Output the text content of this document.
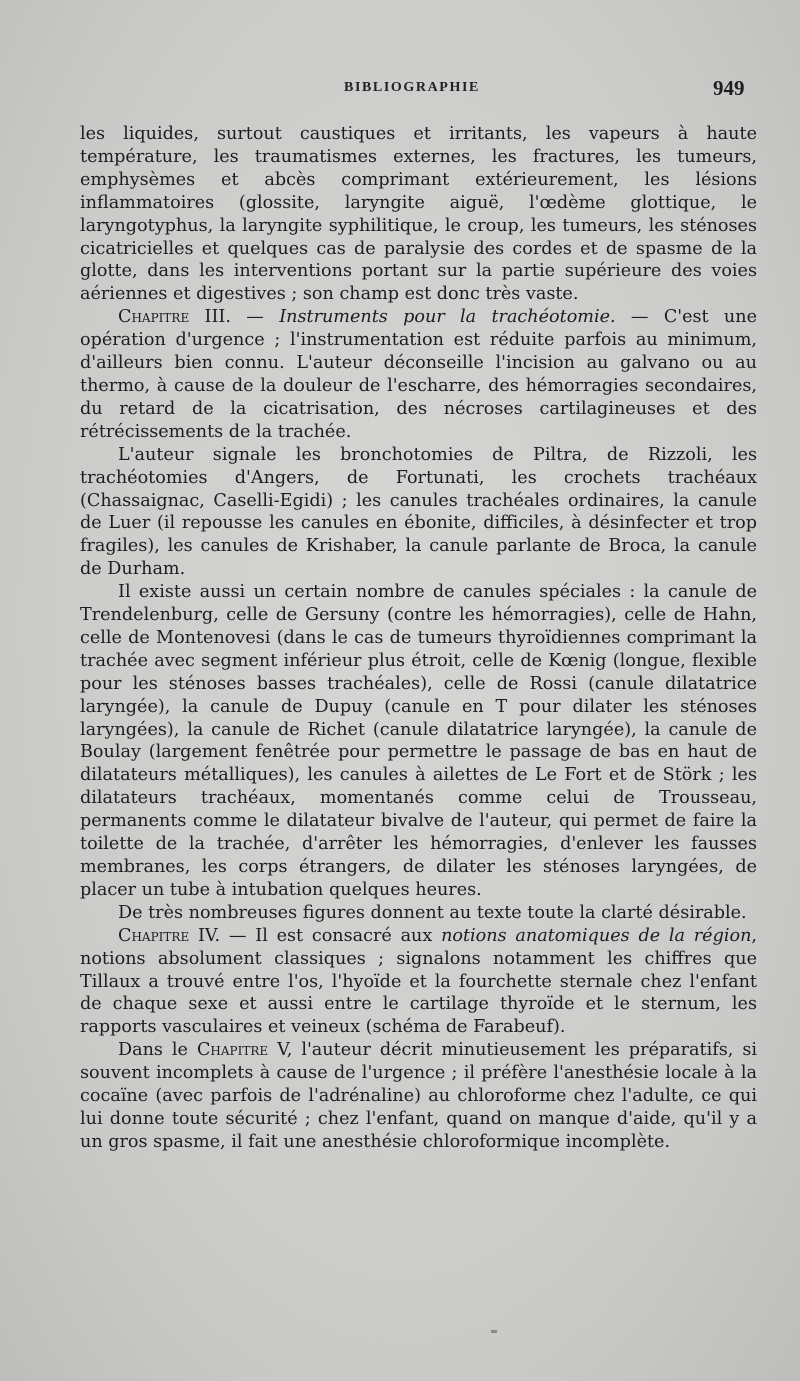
BIBLIOGRAPHIE	949

les liquides, surtout caustiques et irritants, les vapeurs à haute température, les traumatismes externes, les fractures, les tumeurs, emphysèmes et abcès comprimant extérieurement, les lésions inflammatoires (glossite, laryngite aiguë, l'œdème glottique, le laryngotyphus, la laryngite syphilitique, le croup, les tumeurs, les sténoses cicatricielles et quelques cas de paralysie des cordes et de spasme de la glotte, dans les interventions portant sur la partie supérieure des voies aériennes et digestives ; son champ est donc très vaste.

Chapitre III. — Instruments pour la trachéotomie. — C'est une opération d'urgence ; l'instrumentation est réduite parfois au minimum, d'ailleurs bien connu. L'auteur déconseille l'incision au galvano ou au thermo, à cause de la douleur de l'escharre, des hémorragies secondaires, du retard de la cicatrisation, des nécroses cartilagineuses et des rétrécissements de la trachée.

L'auteur signale les bronchotomies de Piltra, de Rizzoli, les trachéotomies d'Angers, de Fortunati, les crochets trachéaux (Chassaignac, Caselli-Egidi) ; les canules trachéales ordinaires, la canule de Luer (il repousse les canules en ébonite, difficiles, à désinfecter et trop fragiles), les canules de Krishaber, la canule parlante de Broca, la canule de Durham.

Il existe aussi un certain nombre de canules spéciales : la canule de Trendelenburg, celle de Gersuny (contre les hémorragies), celle de Hahn, celle de Montenovesi (dans le cas de tumeurs thyroïdiennes comprimant la trachée avec segment inférieur plus étroit, celle de Kœnig (longue, flexible pour les sténoses basses trachéales), celle de Rossi (canule dilatatrice laryngée), la canule de Dupuy (canule en T pour dilater les sténoses laryngées), la canule de Richet (canule dilatatrice laryngée), la canule de Boulay (largement fenêtrée pour permettre le passage de bas en haut de dilatateurs métalliques), les canules à ailettes de Le Fort et de Störk ; les dilatateurs trachéaux, momentanés comme celui de Trousseau, permanents comme le dilatateur bivalve de l'auteur, qui permet de faire la toilette de la trachée, d'arrêter les hémorragies, d'enlever les fausses membranes, les corps étrangers, de dilater les sténoses laryngées, de placer un tube à intubation quelques heures.

De très nombreuses figures donnent au texte toute la clarté désirable.

Chapitre IV. — Il est consacré aux notions anatomiques de la région, notions absolument classiques ; signalons notamment les chiffres que Tillaux a trouvé entre l'os, l'hyoïde et la fourchette sternale chez l'enfant de chaque sexe et aussi entre le cartilage thyroïde et le sternum, les rapports vasculaires et veineux (schéma de Farabeuf).

Dans le Chapitre V, l'auteur décrit minutieusement les préparatifs, si souvent incomplets à cause de l'urgence ; il préfère l'anesthésie locale à la cocaïne (avec parfois de l'adrénaline) au chloroforme chez l'adulte, ce qui lui donne toute sécurité ; chez l'enfant, quand on manque d'aide, qu'il y a un gros spasme, il fait une anesthésie chloroformique incomplète.
